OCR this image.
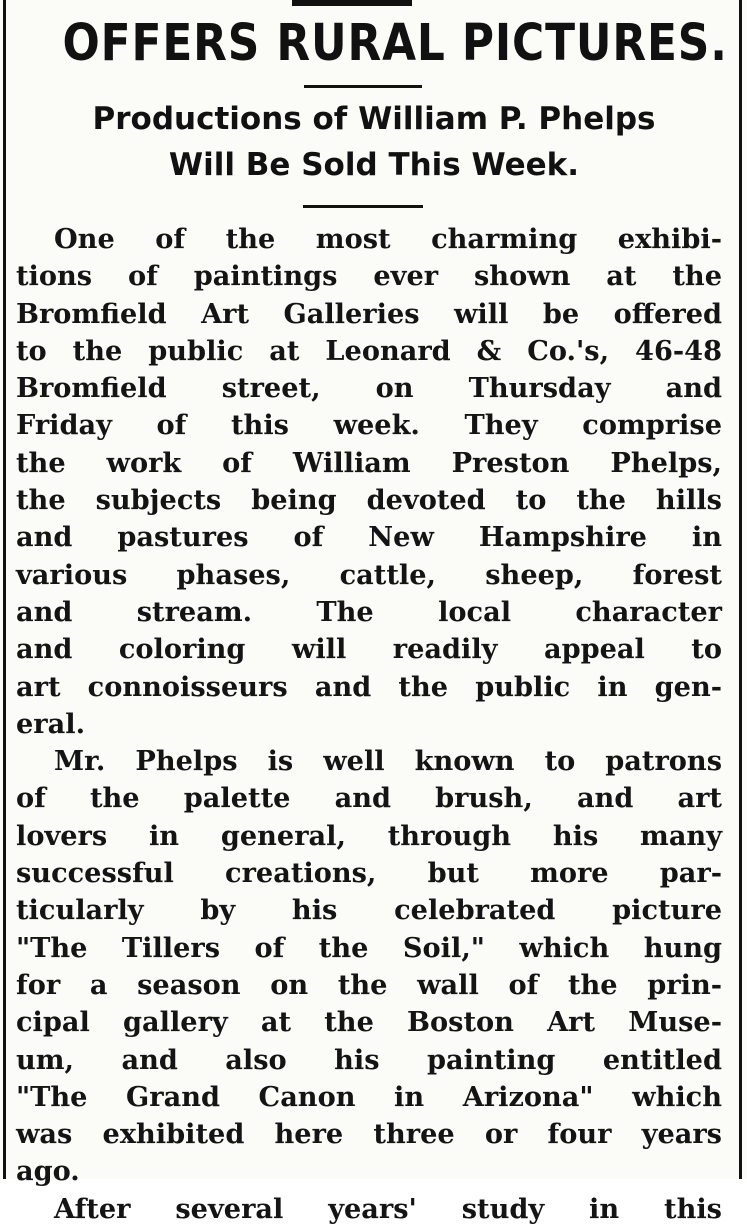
OFFERS RURAL PICTURES.
Productions of William P. Phelps
Will Be Sold This Week.
One of the most charming exhibi-
tions of paintings ever shown at the
Bromfield Art Galleries will be offered
to the public at Leonard & Co.'s, 46-48
Bromfield street, on Thursday and
Friday of this week. They comprise
the work of William Preston Phelps,
the subjects being devoted to the hills
and pastures of New Hampshire in
various phases, cattle, sheep, forest
and stream. The local character
and coloring will readily appeal to
art connoisseurs and the public in gen-
eral.
Mr. Phelps is well known to patrons
of the palette and brush, and art
lovers in general, through his many
successful creations, but more par-
ticularly by his celebrated picture
"The Tillers of the Soil," which hung
for a season on the wall of the prin-
cipal gallery at the Boston Art Muse-
um, and also his painting entitled
"The Grand Canon in Arizona" which
was exhibited here three or four years
ago.
After several years' study in this
